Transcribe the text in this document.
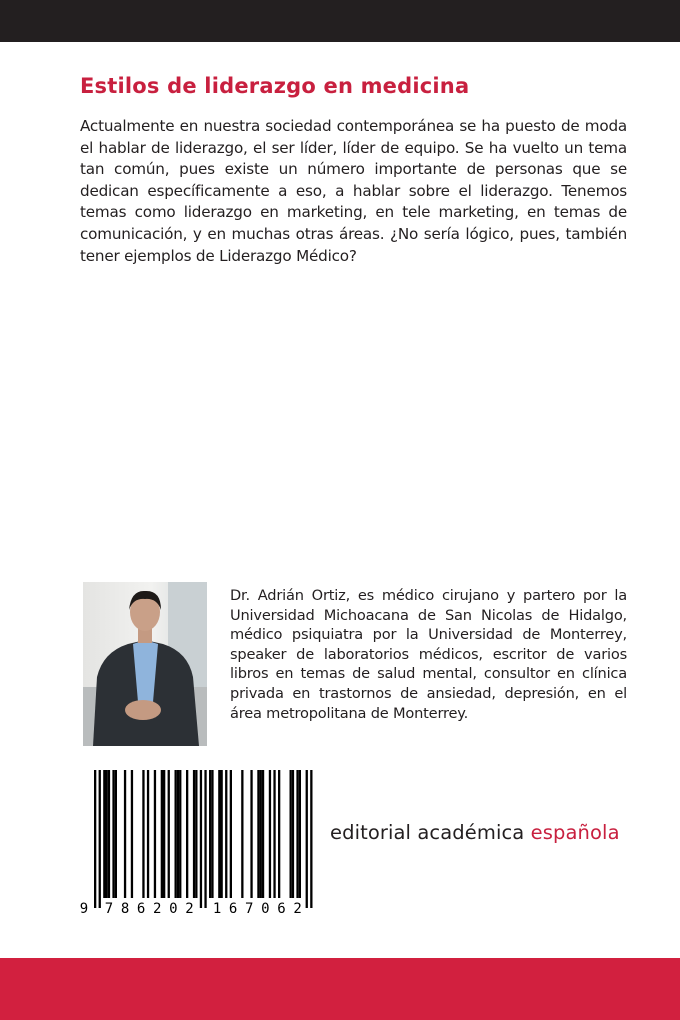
Estilos de liderazgo en medicina

Actualmente en nuestra sociedad contemporánea se ha puesto de moda el hablar de liderazgo, el ser líder, líder de equipo. Se ha vuelto un tema tan común, pues existe un número importante de personas que se dedican específicamente a eso, a hablar sobre el liderazgo. Tenemos temas como liderazgo en marketing, en tele marketing, en temas de comunicación, y en muchas otras áreas. ¿No sería lógico, pues, también tener ejemplos de Liderazgo Médico?

Dr. Adrián Ortiz, es médico cirujano y partero por la Universidad Michoacana de San Nicolas de Hidalgo, médico psiquiatra por la Universidad de Monterrey, speaker de laboratorios médicos, escritor de varios libros en temas de salud mental, consultor en clínica privada en trastornos de ansiedad, depresión, en el área metropolitana de Monterrey.

9 7 8 6 2 0 2 1 6 7 0 6 2
editorial académica española
